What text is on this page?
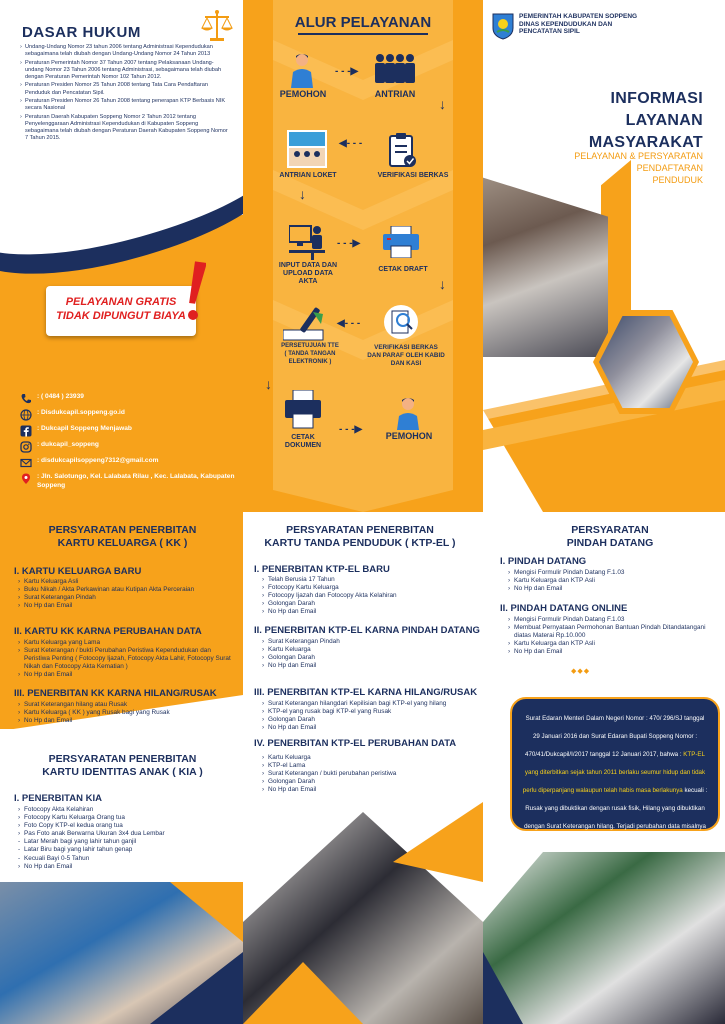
DASAR HUKUM
› Undang-Undang Nomor 23 tahun 2006 tentang Administrasi Kependudukan sebagaimana telah diubah dengan Undang-Undang Nomor 24 Tahun 2013
› Peraturan Pemerintah Nomor 37 Tahun 2007 tentang Pelaksanaan Undang-undang Nomor 23 Tahun 2006 tentang Administrasi, sebagaimana telah diubah dengan Peraturan Pemerintah Nomor 102 Tahun 2012.
› Peraturan Presiden Nomor 25 Tahun 2008 tentang Tata Cara Pendaftaran Penduduk dan Pencatatan Sipil.
› Peraturan Presiden Nomor 26 Tahun 2008 tentang penerapan KTP Berbasis NIK secara Nasional
› Peraturan Daerah Kabupaten Soppeng Nomor 2 Tahun 2012 tentang Penyelenggaraan Administrasi Kependudukan di Kabupaten Soppeng sebagaimana telah diubah dengan Peraturan Daerah Kabupaten Soppeng Nomor 7 Tahun 2015.
PELAYANAN GRATIS
TIDAK DIPUNGUT BIAYA
: ( 0484 ) 23939
: Disdukcapil.soppeng.go.id
: Dukcapil Soppeng Menjawab
: dukcapil_soppeng
: disdukcapilsoppeng7312@gmail.com
: Jln. Salotungo, Kel. Lalabata Rilau , Kec. Lalabata, Kabupaten Soppeng
ALUR PELAYANAN
PEMOHON
- - -▶
ANTRIAN
↓
ANTRIAN LOKET
◀- - -
VERIFIKASI BERKAS
↓
INPUT DATA DAN
UPLOAD DATA AKTA
- - -▶
CETAK DRAFT
↓
PERSETUJUAN TTE
( TANDA TANGAN ELEKTRONIK )
◀- - -
VERIFIKASI BERKAS
DAN PARAF OLEH KABID
DAN KASI
↓
CETAK
DOKUMEN
- - -▶
PEMOHON
PEMERINTAH KABUPATEN SOPPENG
DINAS KEPENDUDUKAN DAN
PENCATATAN SIPIL
INFORMASI
LAYANAN
MASYARAKAT
PELAYANAN & PERSYARATAN
PENDAFTARAN
PENDUDUK
PERSYARATAN PENERBITAN
KARTU KELUARGA ( KK )
I. KARTU KELUARGA BARU
› Kartu Keluarga Asli
› Buku Nikah / Akta Perkawinan atau Kutipan Akta Perceraian
› Surat Keterangan Pindah
› No Hp dan Email
II. KARTU KK KARNA PERUBAHAN DATA
› Kartu Keluarga yang Lama
› Surat Keterangan / bukti Perubahan Peristiwa Kependudukan dan Peristiwa Penting ( Fotocopy Ijazah, Fotocopy Akta Lahir, Fotocopy Surat Nikah dan Fotocopy Akta Kematian )
› No Hp dan Email
III. PENERBITAN KK KARNA HILANG/RUSAK
› Surat Keterangan hilang atau Rusak
› Kartu Keluarga ( KK ) yang Rusak bagi yang Rusak
› No Hp dan Email
PERSYARATAN PENERBITAN
KARTU IDENTITAS ANAK ( KIA )
I. PENERBITAN KIA
› Fotocopy Akta Kelahiran
› Fotocopy Kartu Keluarga Orang tua
› Foto Copy KTP-el kedua orang tua
› Pas Foto anak Berwarna Ukuran 3x4 dua Lembar
- Latar Merah bagi yang lahir tahun ganjil
- Latar Biru bagi yang lahir tahun genap
- Kecuali Bayi 0-5 Tahun
› No Hp dan Email
PERSYARATAN PENERBITAN
KARTU TANDA PENDUDUK ( KTP-EL )
I. PENERBITAN KTP-EL BARU
› Telah Berusia 17 Tahun
› Fotocopy Kartu Keluarga
› Fotocopy Ijazah dan Fotocopy Akta Kelahiran
› Golongan Darah
› No Hp dan Email
II. PENERBITAN KTP-EL KARNA PINDAH DATANG
› Surat Keterangan Pindah
› Kartu Keluarga
› Golongan Darah
› No Hp dan Email
III. PENERBITAN KTP-EL KARNA HILANG/RUSAK
› Surat Keterangan hilangdari Kepilisian bagi KTP-el yang hilang
› KTP-el yang rusak bagi KTP-el yang Rusak
› Golongan Darah
› No Hp dan Email
IV. PENERBITAN KTP-EL PERUBAHAN DATA
› Kartu Keluarga
› KTP-el Lama
› Surat Keterangan / bukti perubahan peristiwa
› Golongan Darah
› No Hp dan Email
PERSYARATAN
PINDAH DATANG
I. PINDAH DATANG
› Mengisi Formulir Pindah Datang F.1.03
› Kartu Keluarga dan KTP Asli
› No Hp dan Email
II. PINDAH DATANG ONLINE
› Mengisi Formulir Pindah Datang F.1.03
› Membuat Pernyataan Permohonan Bantuan Pindah Ditandatangani diatas Materai Rp.10.000
› Kartu Keluarga dan KTP Asli
› No Hp dan Email
◆◆◆
Surat Edaran Menteri Dalam Negeri Nomor : 470/ 296/SJ tanggal 29 Januari 2016 dan Surat Edaran Bupati Soppeng Nomor : 470/41/Dukcapil/I/2017 tanggal 12 Januari 2017, bahwa : KTP-EL yang diterbitkan sejak tahun 2011 berlaku seumur hidup dan tidak perlu diperpanjang walaupun telah habis masa berlakunya kecuali : Rusak yang dibuktikan dengan rusak fisik, Hilang yang dibuktikan dengan Surat Keterangan hilang. Terjadi perubahan data misalnya status perkawinan dan gelar kesarjanaan , pindah/ datang
